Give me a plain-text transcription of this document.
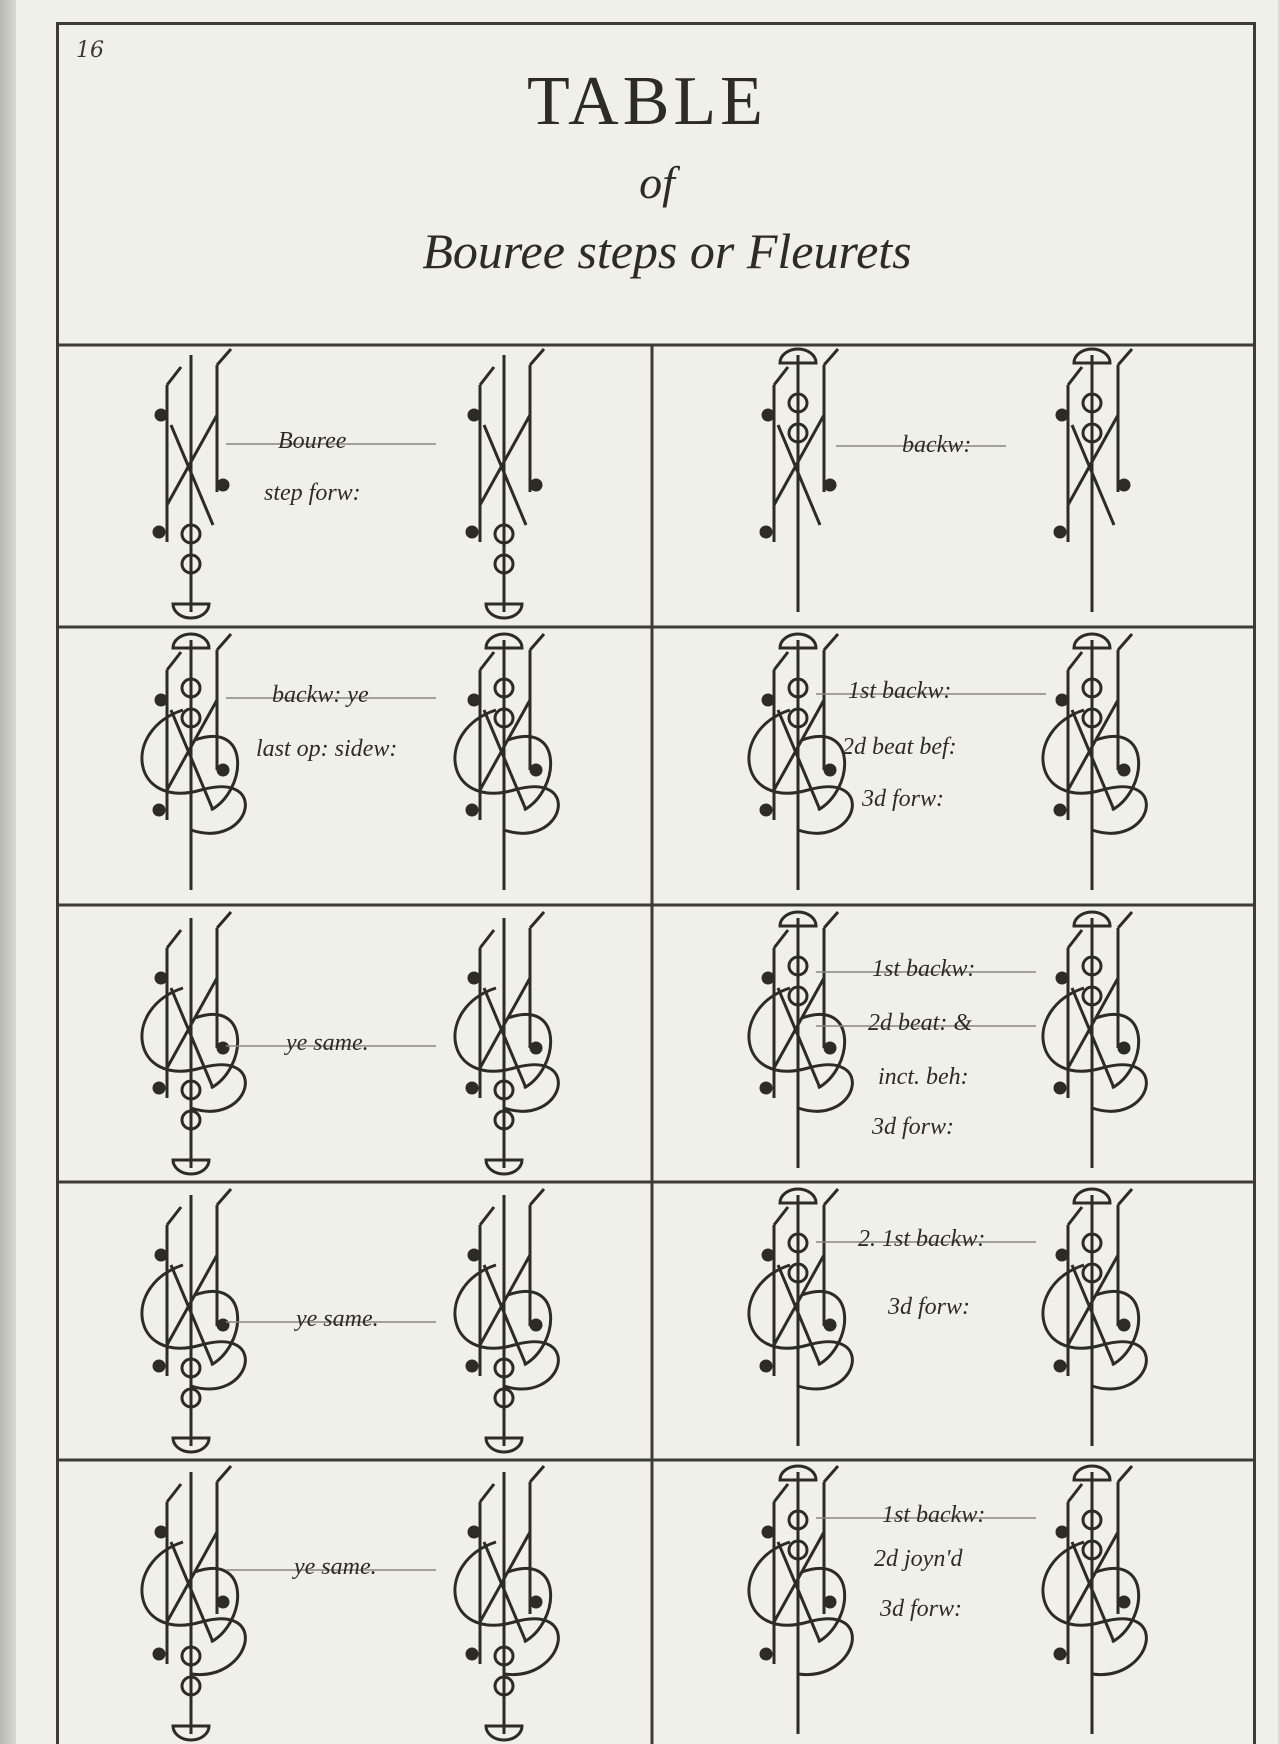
16
TABLE
of
Bouree steps or Fleurets
Bouree
step forw:
backw:
backw: ye
last op: sidew:
1st backw:
2d beat bef:
3d forw:
ye same.
1st backw:
2d beat: &
inct. beh:
3d forw:
ye same.
2. 1st backw:
3d forw:
ye same.
1st backw:
2d joyn'd
3d forw:
